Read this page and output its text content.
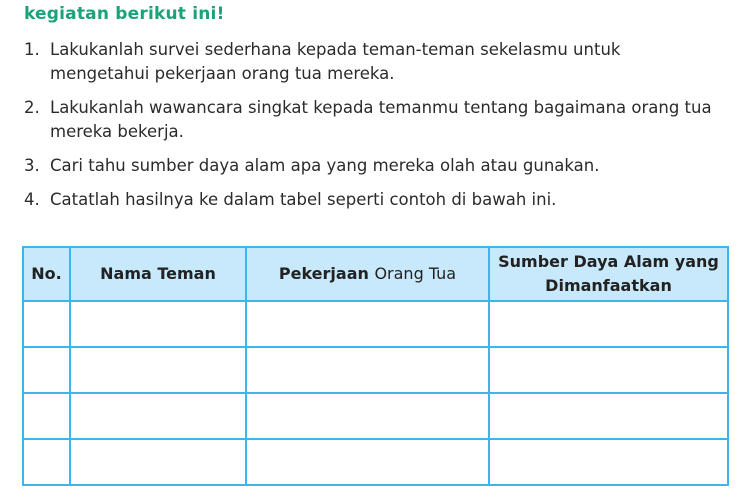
kegiatan berikut ini!
1. Lakukanlah survei sederhana kepada teman-teman sekelasmu untuk mengetahui pekerjaan orang tua mereka.
2. Lakukanlah wawancara singkat kepada temanmu tentang bagaimana orang tua mereka bekerja.
3. Cari tahu sumber daya alam apa yang mereka olah atau gunakan.
4. Catatlah hasilnya ke dalam tabel seperti contoh di bawah ini.
No.	Nama Teman	Pekerjaan Orang Tua	Sumber Daya Alam yang
Dimanfaatkan
